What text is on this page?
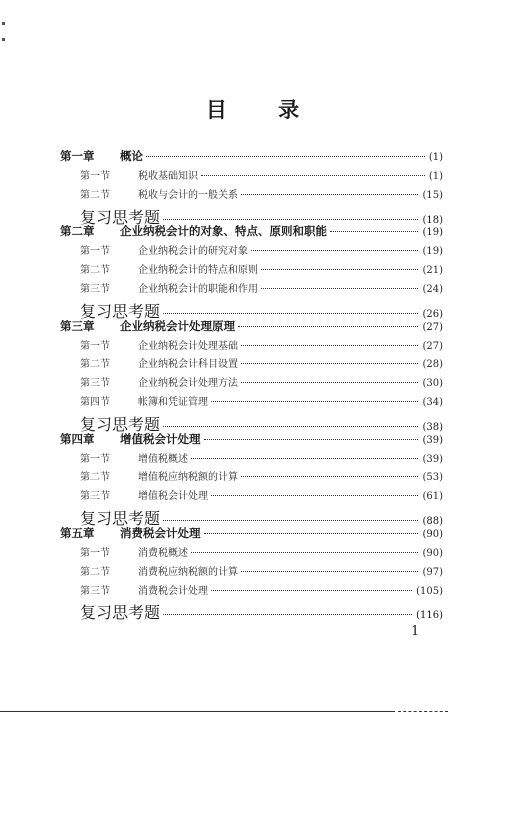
目 录
第一章	概论	(1)
第一节	税收基础知识	(1)
第二节	税收与会计的一般关系	(15)
复习思考题	(18)
第二章	企业纳税会计的对象、特点、原则和职能	(19)
第一节	企业纳税会计的研究对象	(19)
第二节	企业纳税会计的特点和原则	(21)
第三节	企业纳税会计的职能和作用	(24)
复习思考题	(26)
第三章	企业纳税会计处理原理	(27)
第一节	企业纳税会计处理基础	(27)
第二节	企业纳税会计科目设置	(28)
第三节	企业纳税会计处理方法	(30)
第四节	帐簿和凭证管理	(34)
复习思考题	(38)
第四章	增值税会计处理	(39)
第一节	增值税概述	(39)
第二节	增值税应纳税额的计算	(53)
第三节	增值税会计处理	(61)
复习思考题	(88)
第五章	消费税会计处理	(90)
第一节	消费税概述	(90)
第二节	消费税应纳税额的计算	(97)
第三节	消费税会计处理	(105)
复习思考题	(116)
1
